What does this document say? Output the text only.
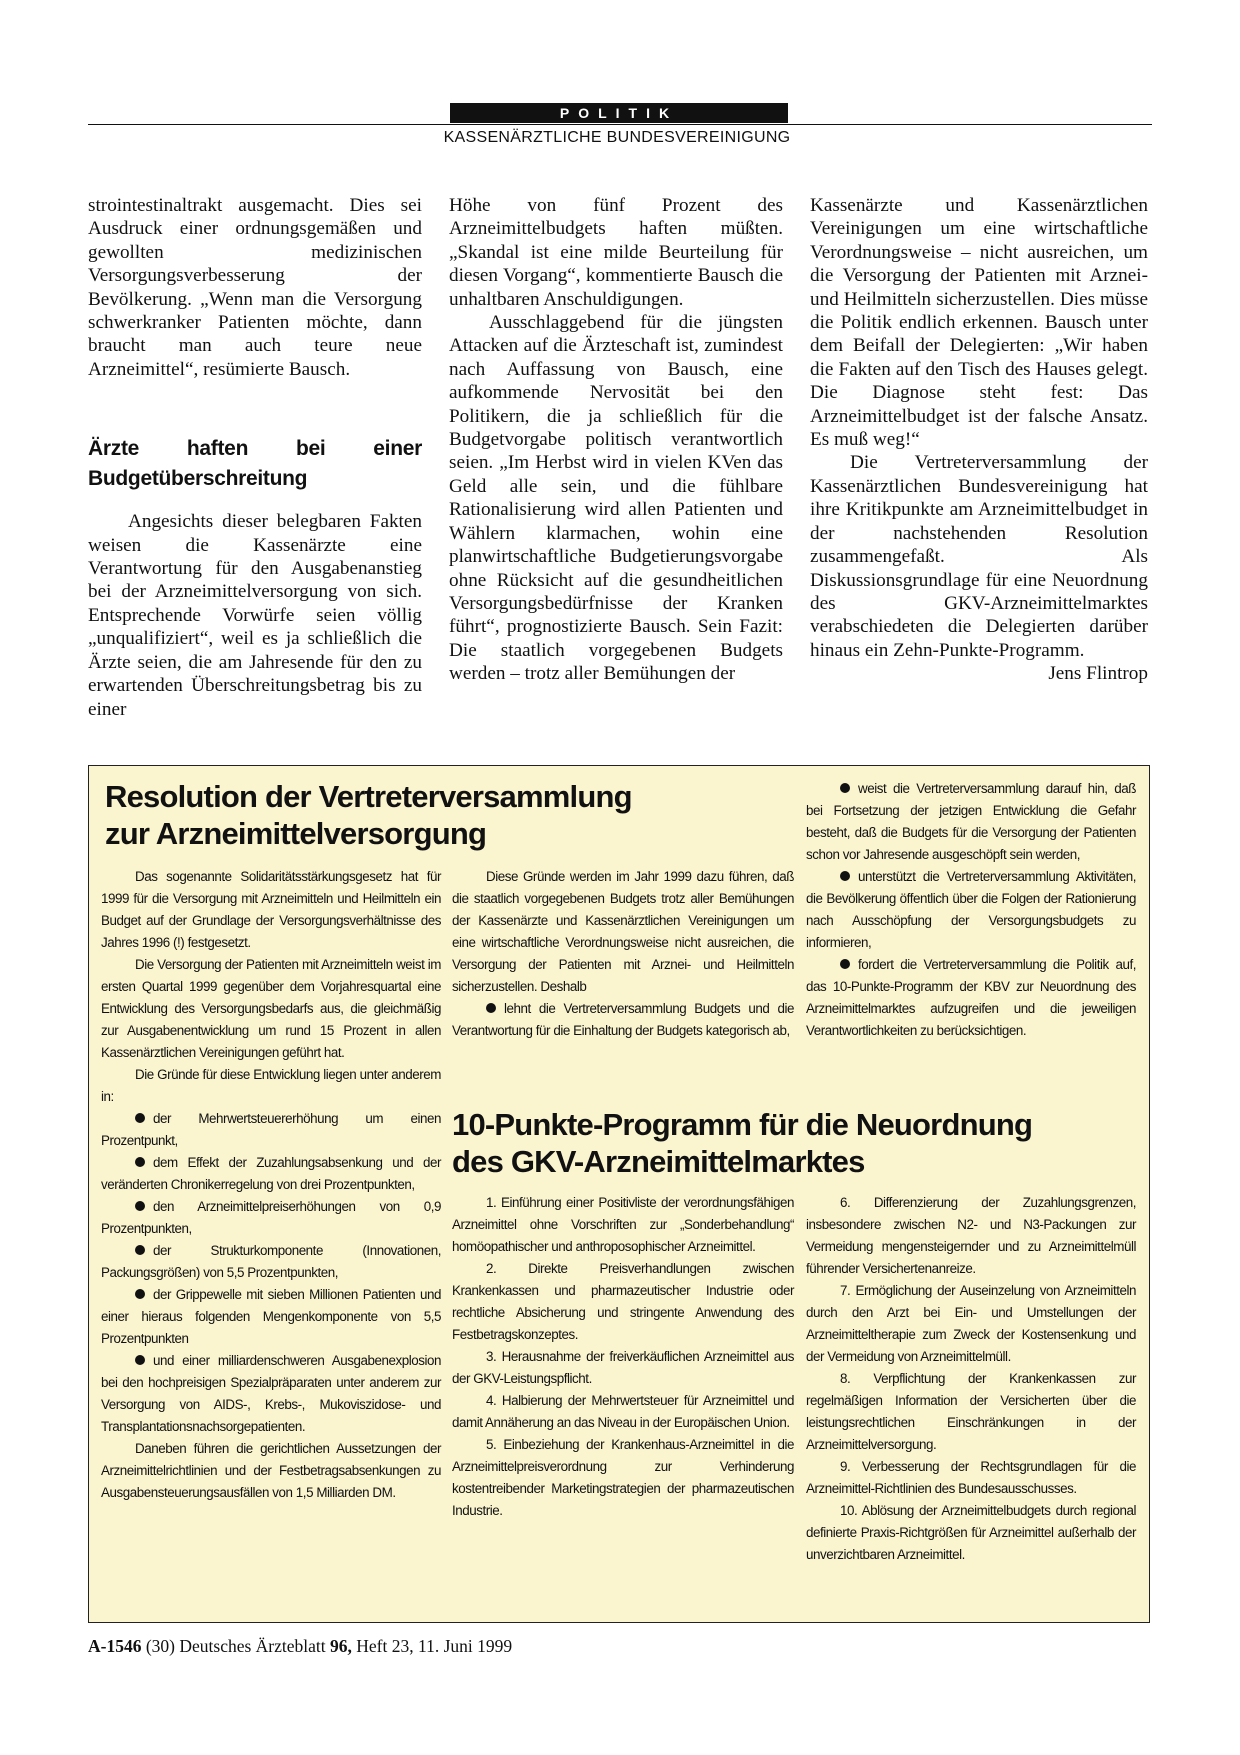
POLITIK
KASSENÄRZTLICHE BUNDESVEREINIGUNG

strointestinaltrakt ausgemacht. Dies sei Ausdruck einer ordnungsgemäßen und gewollten medizinischen Versorgungsverbesserung der Bevölkerung. „Wenn man die Versorgung schwerkranker Patienten möchte, dann braucht man auch teure neue Arzneimittel“, resümierte Bausch.

Ärzte haften bei einer Budgetüberschreitung

Angesichts dieser belegbaren Fakten weisen die Kassenärzte eine Verantwortung für den Ausgabenanstieg bei der Arzneimittelversorgung von sich. Entsprechende Vorwürfe seien völlig „unqualifiziert“, weil es ja schließlich die Ärzte seien, die am Jahresende für den zu erwartenden Überschreitungsbetrag bis zu einer

Höhe von fünf Prozent des Arzneimittelbudgets haften müßten. „Skandal ist eine milde Beurteilung für diesen Vorgang“, kommentierte Bausch die unhaltbaren Anschuldigungen.

Ausschlaggebend für die jüngsten Attacken auf die Ärzteschaft ist, zumindest nach Auffassung von Bausch, eine aufkommende Nervosität bei den Politikern, die ja schließlich für die Budgetvorgabe politisch verantwortlich seien. „Im Herbst wird in vielen KVen das Geld alle sein, und die fühlbare Rationalisierung wird allen Patienten und Wählern klarmachen, wohin eine planwirtschaftliche Budgetierungsvorgabe ohne Rücksicht auf die gesundheitlichen Versorgungsbedürfnisse der Kranken führt“, prognostizierte Bausch. Sein Fazit: Die staatlich vorgegebenen Budgets werden – trotz aller Bemühungen der

Kassenärzte und Kassenärztlichen Vereinigungen um eine wirtschaftliche Verordnungsweise – nicht ausreichen, um die Versorgung der Patienten mit Arznei- und Heilmitteln sicherzustellen. Dies müsse die Politik endlich erkennen. Bausch unter dem Beifall der Delegierten: „Wir haben die Fakten auf den Tisch des Hauses gelegt. Die Diagnose steht fest: Das Arzneimittelbudget ist der falsche Ansatz. Es muß weg!“

Die Vertreterversammlung der Kassenärztlichen Bundesvereinigung hat ihre Kritikpunkte am Arzneimittelbudget in der nachstehenden Resolution zusammengefaßt. Als Diskussionsgrundlage für eine Neuordnung des GKV-Arzneimittelmarktes verabschiedeten die Delegierten darüber hinaus ein Zehn-Punkte-Programm.

Jens Flintrop

Resolution der Vertreterversammlung

zur Arzneimittelversorgung

Das sogenannte Solidaritätsstärkungsgesetz hat für 1999 für die Versorgung mit Arzneimitteln und Heilmitteln ein Budget auf der Grundlage der Versorgungsverhältnisse des Jahres 1996 (!) festgesetzt.

Die Versorgung der Patienten mit Arzneimitteln weist im ersten Quartal 1999 gegenüber dem Vorjahresquartal eine Entwicklung des Versorgungsbedarfs aus, die gleichmäßig zur Ausgabenentwicklung um rund 15 Prozent in allen Kassenärztlichen Vereinigungen geführt hat.

Die Gründe für diese Entwicklung liegen unter anderem in:

der Mehrwertsteuererhöhung um einen Prozentpunkt,

dem Effekt der Zuzahlungsabsenkung und der veränderten Chronikerregelung von drei Prozentpunkten,

den Arzneimittelpreiserhöhungen von 0,9 Prozentpunkten,

der Strukturkomponente (Innovationen, Packungsgrößen) von 5,5 Prozentpunkten,

der Grippewelle mit sieben Millionen Patienten und einer hieraus folgenden Mengenkomponente von 5,5 Prozentpunkten

und einer milliardenschweren Ausgabenexplosion bei den hochpreisigen Spezialpräparaten unter anderem zur Versorgung von AIDS-, Krebs-, Mukoviszidose- und Transplantationsnachsorgepatienten.

Daneben führen die gerichtlichen Aussetzungen der Arzneimittelrichtlinien und der Festbetragsabsenkungen zu Ausgabensteuerungsausfällen von 1,5 Milliarden DM.

Diese Gründe werden im Jahr 1999 dazu führen, daß die staatlich vorgegebenen Budgets trotz aller Bemühungen der Kassenärzte und Kassenärztlichen Vereinigungen um eine wirtschaftliche Verordnungsweise nicht ausreichen, die Versorgung der Patienten mit Arznei- und Heilmitteln sicherzustellen. Deshalb

lehnt die Vertreterversammlung Budgets und die Verantwortung für die Einhaltung der Budgets kategorisch ab,

weist die Vertreterversammlung darauf hin, daß bei Fortsetzung der jetzigen Entwicklung die Gefahr besteht, daß die Budgets für die Versorgung der Patienten schon vor Jahresende ausgeschöpft sein werden,

unterstützt die Vertreterversammlung Aktivitäten, die Bevölkerung öffentlich über die Folgen der Rationierung nach Ausschöpfung der Versorgungsbudgets zu informieren,

fordert die Vertreterversammlung die Politik auf, das 10-Punkte-Programm der KBV zur Neuordnung des Arzneimittelmarktes aufzugreifen und die jeweiligen Verantwortlichkeiten zu berücksichtigen.

10-Punkte-Programm für die Neuordnung

des GKV-Arzneimittelmarktes

1. Einführung einer Positivliste der verordnungsfähigen Arzneimittel ohne Vorschriften zur „Sonderbehandlung“ homöopathischer und anthroposophischer Arzneimittel.

2. Direkte Preisverhandlungen zwischen Krankenkassen und pharmazeutischer Industrie oder rechtliche Absicherung und stringente Anwendung des Festbetragskonzeptes.

3. Herausnahme der freiverkäuflichen Arzneimittel aus der GKV-Leistungspflicht.

4. Halbierung der Mehrwertsteuer für Arzneimittel und damit Annäherung an das Niveau in der Europäischen Union.

5. Einbeziehung der Krankenhaus-Arzneimittel in die Arzneimittelpreisverordnung zur Verhinderung kostentreibender Marketingstrategien der pharmazeutischen Industrie.

6. Differenzierung der Zuzahlungsgrenzen, insbesondere zwischen N2- und N3-Packungen zur Vermeidung mengensteigernder und zu Arzneimittelmüll führender Versichertenanreize.

7. Ermöglichung der Auseinzelung von Arzneimitteln durch den Arzt bei Ein- und Umstellungen der Arzneimitteltherapie zum Zweck der Kostensenkung und der Vermeidung von Arzneimittelmüll.

8. Verpflichtung der Krankenkassen zur regelmäßigen Information der Versicherten über die leistungsrechtlichen Einschränkungen in der Arzneimittelversorgung.

9. Verbesserung der Rechtsgrundlagen für die Arzneimittel-Richtlinien des Bundesausschusses.

10. Ablösung der Arzneimittelbudgets durch regional definierte Praxis-Richtgrößen für Arzneimittel außerhalb der unverzichtbaren Arzneimittel.

A-1546 (30) Deutsches Ärzteblatt 96, Heft 23, 11. Juni 1999
